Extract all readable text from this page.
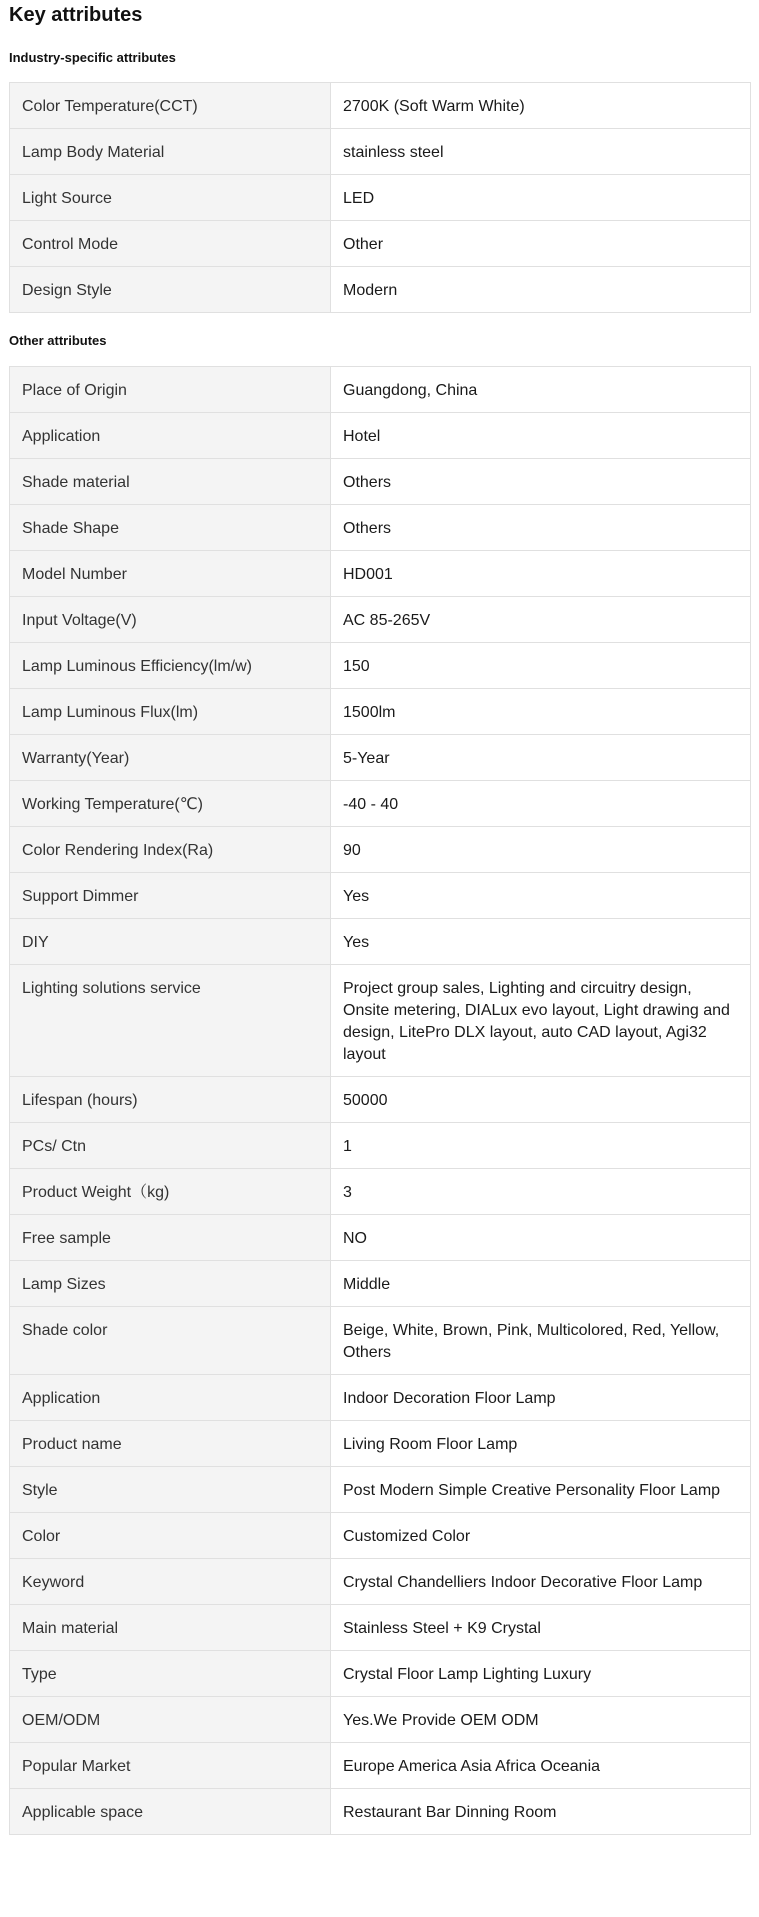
Key attributes
Industry-specific attributes
Color Temperature(CCT)	2700K (Soft Warm White)
Lamp Body Material	stainless steel
Light Source	LED
Control Mode	Other
Design Style	Modern
Other attributes
Place of Origin	Guangdong, China
Application	Hotel
Shade material	Others
Shade Shape	Others
Model Number	HD001
Input Voltage(V)	AC 85-265V
Lamp Luminous Efficiency(lm/w)	150
Lamp Luminous Flux(lm)	1500lm
Warranty(Year)	5-Year
Working Temperature(℃)	-40 - 40
Color Rendering Index(Ra)	90
Support Dimmer	Yes
DIY	Yes
Lighting solutions service	Project group sales, Lighting and circuitry design, Onsite metering, DIALux evo layout, Light drawing and design, LitePro DLX layout, auto CAD layout, Agi32 layout
Lifespan (hours)	50000
PCs/ Ctn	1
Product Weight（kg)	3
Free sample	NO
Lamp Sizes	Middle
Shade color	Beige, White, Brown, Pink, Multicolored, Red, Yellow, Others
Application	Indoor Decoration Floor Lamp
Product name	Living Room Floor Lamp
Style	Post Modern Simple Creative Personality Floor Lamp
Color	Customized Color
Keyword	Crystal Chandelliers Indoor Decorative Floor Lamp
Main material	Stainless Steel + K9 Crystal
Type	Crystal Floor Lamp Lighting Luxury
OEM/ODM	Yes.We Provide OEM ODM
Popular Market	Europe America Asia Africa Oceania
Applicable space	Restaurant Bar Dinning Room
